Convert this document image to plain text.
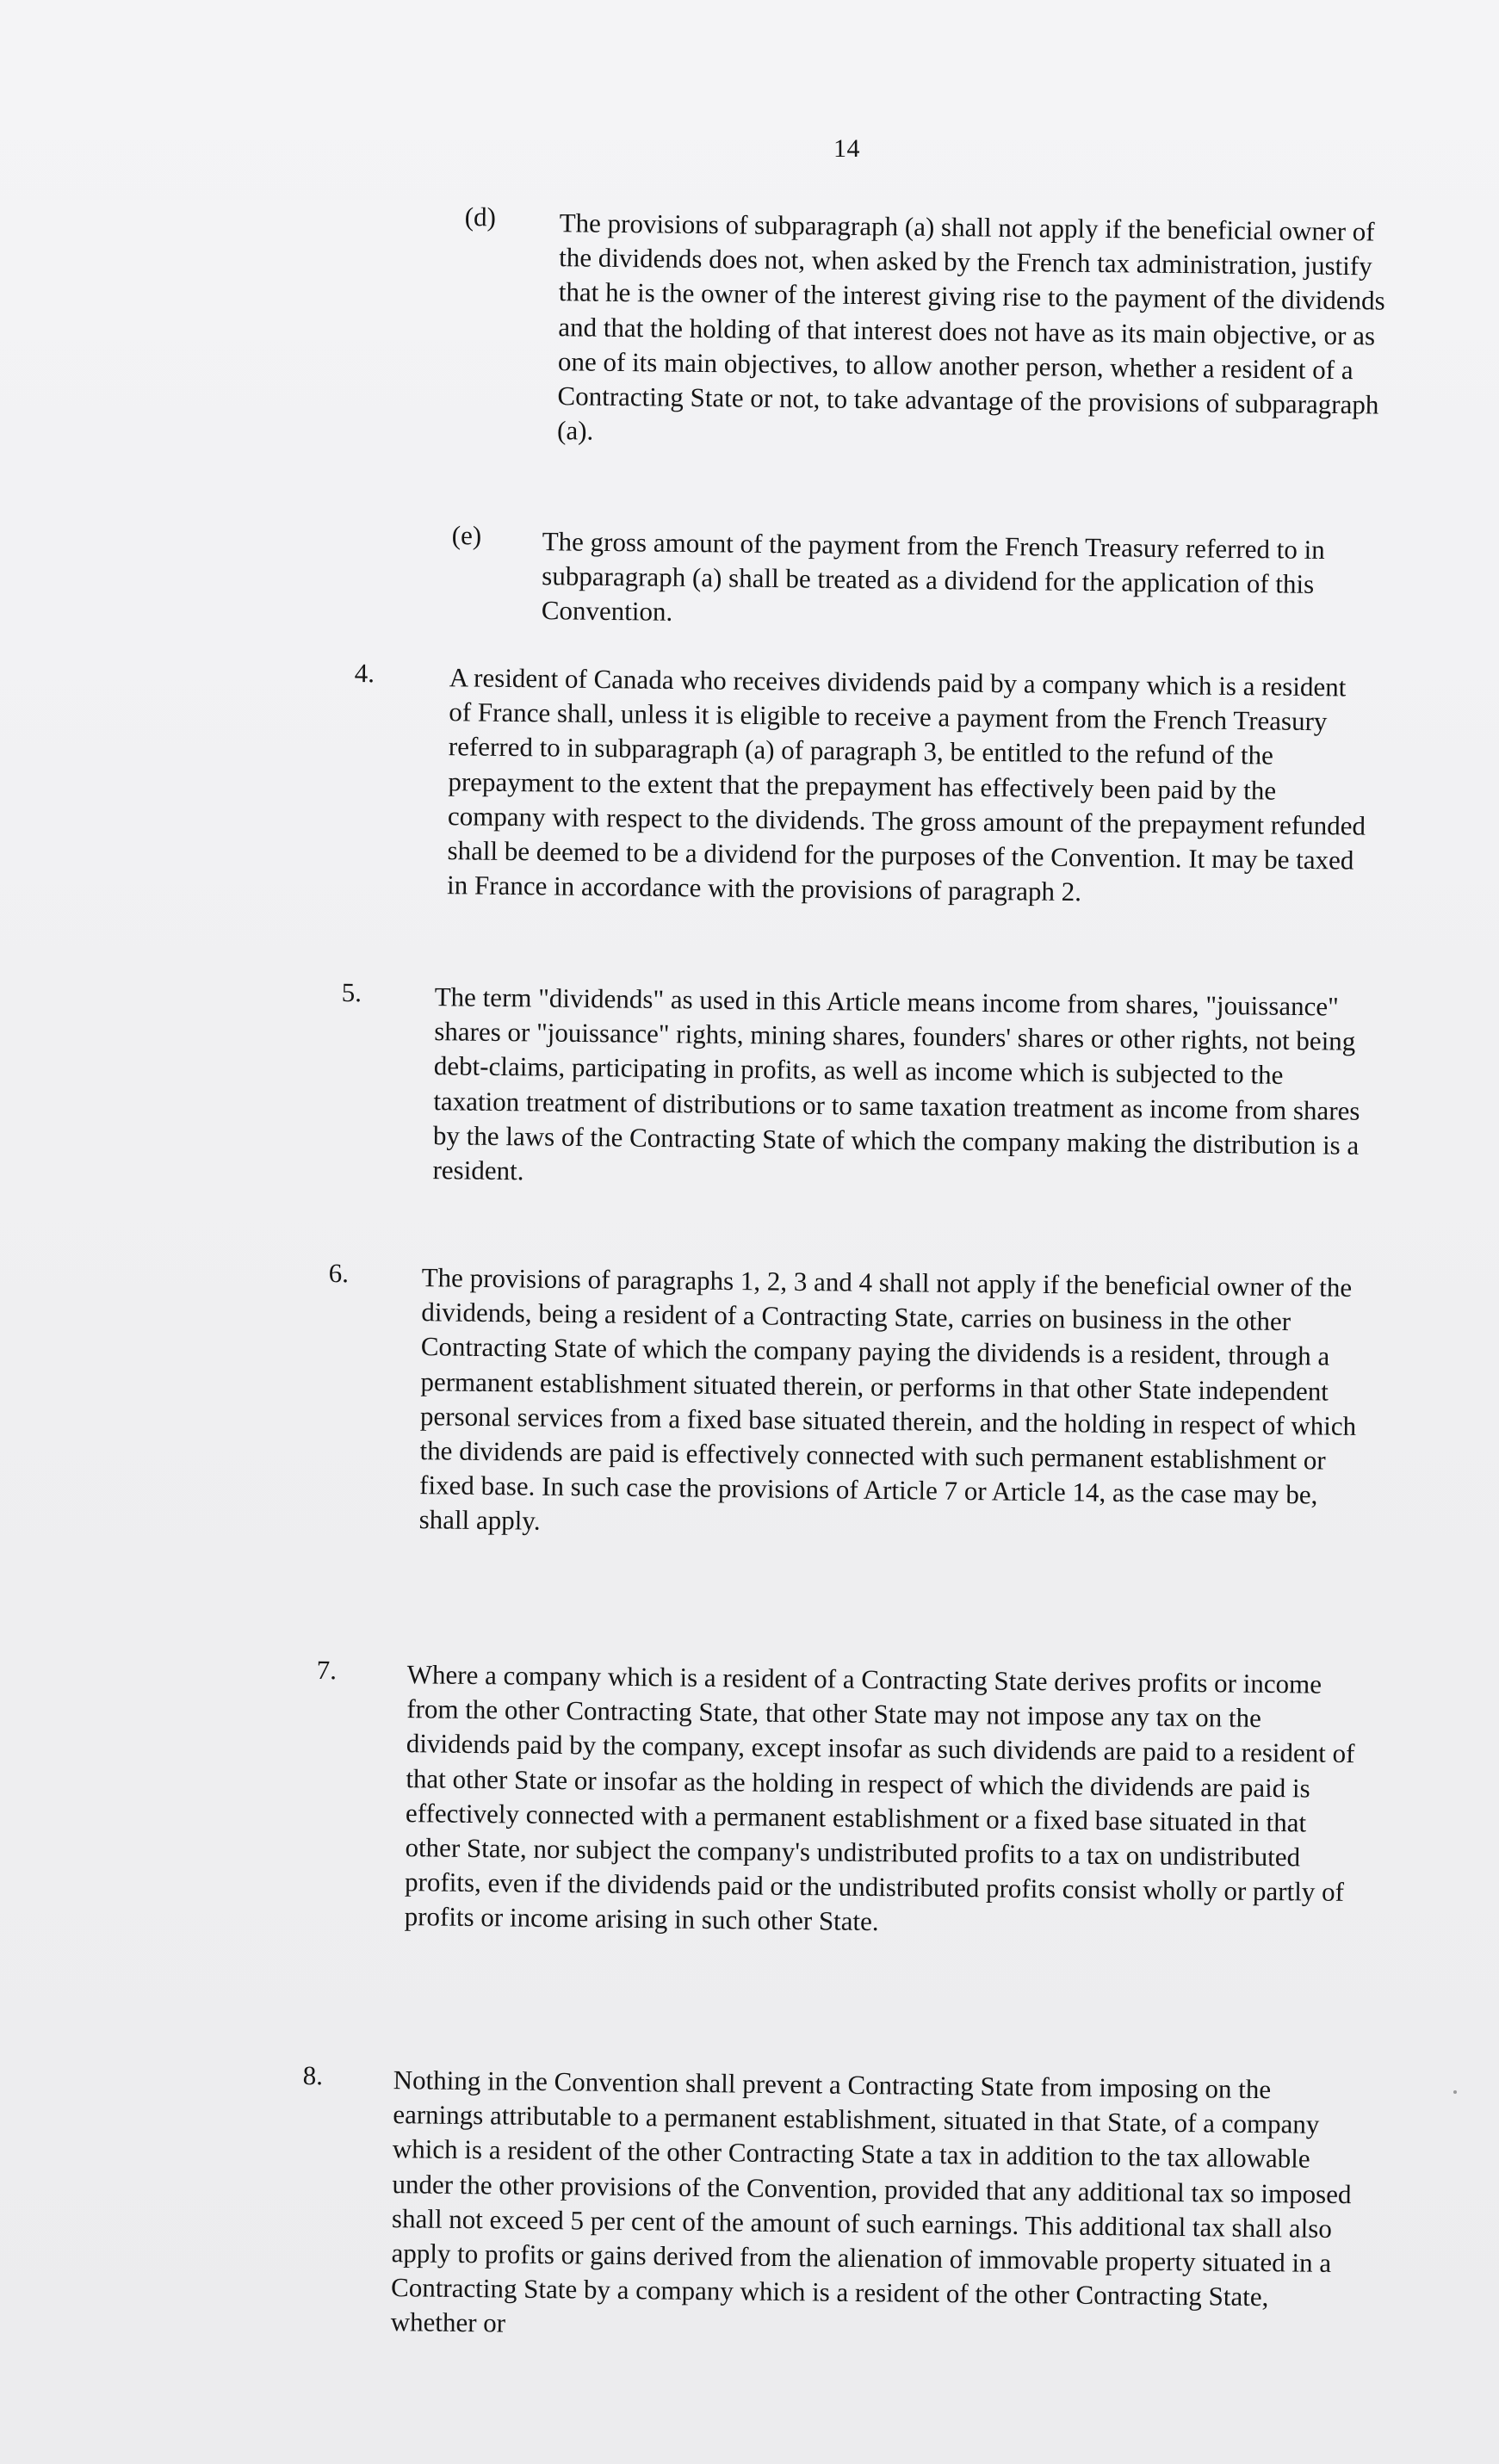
14
(d) The provisions of subparagraph (a) shall not apply if the beneficial owner of the dividends does not, when asked by the French tax administration, justify that he is the owner of the interest giving rise to the payment of the dividends and that the holding of that interest does not have as its main objective, or as one of its main objectives, to allow another person, whether a resident of a Contracting State or not, to take advantage of the provisions of subparagraph (a).
(e) The gross amount of the payment from the French Treasury referred to in subparagraph (a) shall be treated as a dividend for the application of this Convention.
4.	A resident of Canada who receives dividends paid by a company which is a resident of France shall, unless it is eligible to receive a payment from the French Treasury referred to in subparagraph (a) of paragraph 3, be entitled to the refund of the prepayment to the extent that the prepayment has effectively been paid by the company with respect to the dividends. The gross amount of the prepayment refunded shall be deemed to be a dividend for the purposes of the Convention. It may be taxed in France in accordance with the provisions of paragraph 2.
5.	The term "dividends" as used in this Article means income from shares, "jouissance" shares or "jouissance" rights, mining shares, founders' shares or other rights, not being debt-claims, participating in profits, as well as income which is subjected to the taxation treatment of distributions or to same taxation treatment as income from shares by the laws of the Contracting State of which the company making the distribution is a resident.
6.	The provisions of paragraphs 1, 2, 3 and 4 shall not apply if the beneficial owner of the dividends, being a resident of a Contracting State, carries on business in the other Contracting State of which the company paying the dividends is a resident, through a permanent establishment situated therein, or performs in that other State independent personal services from a fixed base situated therein, and the holding in respect of which the dividends are paid is effectively connected with such permanent establishment or fixed base. In such case the provisions of Article 7 or Article 14, as the case may be, shall apply.
7.	Where a company which is a resident of a Contracting State derives profits or income from the other Contracting State, that other State may not impose any tax on the dividends paid by the company, except insofar as such dividends are paid to a resident of that other State or insofar as the holding in respect of which the dividends are paid is effectively connected with a permanent establishment or a fixed base situated in that other State, nor subject the company's undistributed profits to a tax on undistributed profits, even if the dividends paid or the undistributed profits consist wholly or partly of profits or income arising in such other State.
8.	Nothing in the Convention shall prevent a Contracting State from imposing on the earnings attributable to a permanent establishment, situated in that State, of a company which is a resident of the other Contracting State a tax in addition to the tax allowable under the other provisions of the Convention, provided that any additional tax so imposed shall not exceed 5 per cent of the amount of such earnings. This additional tax shall also apply to profits or gains derived from the alienation of immovable property situated in a Contracting State by a company which is a resident of the other Contracting State, whether or
